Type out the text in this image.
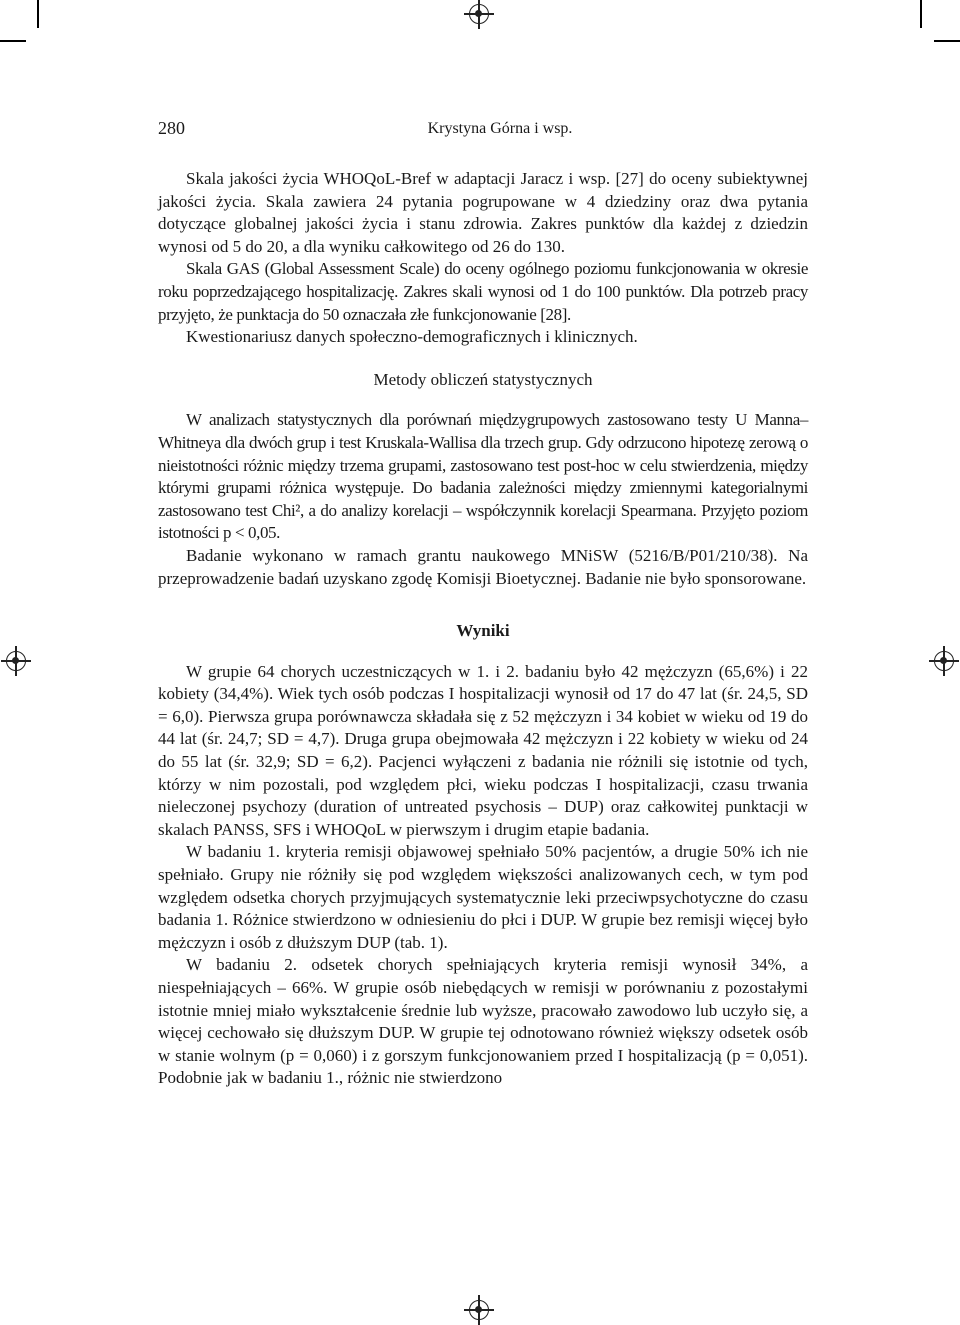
280	Krystyna Górna i wsp.

Skala jakości życia WHOQoL-Bref w adaptacji Jaracz i wsp. [27] do oceny subiektywnej jakości życia. Skala zawiera 24 pytania pogrupowane w 4 dziedziny oraz dwa pytania dotyczące globalnej jakości życia i stanu zdrowia. Zakres punktów dla każdej z dziedzin wynosi od 5 do 20, a dla wyniku całkowitego od 26 do 130.

Skala GAS (Global Assessment Scale) do oceny ogólnego poziomu funkcjonowania w okresie roku poprzedzającego hospitalizację. Zakres skali wynosi od 1 do 100 punktów. Dla potrzeb pracy przyjęto, że punktacja do 50 oznaczała złe funkcjonowanie [28].

Kwestionariusz danych społeczno-demograficznych i klinicznych.

Metody obliczeń statystycznych

W analizach statystycznych dla porównań międzygrupowych zastosowano testy U Manna–Whitneya dla dwóch grup i test Kruskala-Wallisa dla trzech grup. Gdy odrzucono hipotezę zerową o nieistotności różnic między trzema grupami, zastosowano test post-hoc w celu stwierdzenia, między którymi grupami różnica występuje. Do badania zależności między zmiennymi kategorialnymi zastosowano test Chi², a do analizy korelacji – współczynnik korelacji Spearmana. Przyjęto poziom istotności p < 0,05.

Badanie wykonano w ramach grantu naukowego MNiSW (5216/B/P01/210/38). Na przeprowadzenie badań uzyskano zgodę Komisji Bioetycznej. Badanie nie było sponsorowane.

Wyniki

W grupie 64 chorych uczestniczących w 1. i 2. badaniu było 42 mężczyzn (65,6%) i 22 kobiety (34,4%). Wiek tych osób podczas I hospitalizacji wynosił od 17 do 47 lat (śr. 24,5, SD = 6,0). Pierwsza grupa porównawcza składała się z 52 mężczyzn i 34 kobiet w wieku od 19 do 44 lat (śr. 24,7; SD = 4,7). Druga grupa obejmowała 42 mężczyzn i 22 kobiety w wieku od 24 do 55 lat (śr. 32,9; SD = 6,2). Pacjenci wyłączeni z badania nie różnili się istotnie od tych, którzy w nim pozostali, pod względem płci, wieku podczas I hospitalizacji, czasu trwania nieleczonej psychozy (duration of untreated psychosis – DUP) oraz całkowitej punktacji w skalach PANSS, SFS i WHOQoL w pierwszym i drugim etapie badania.

W badaniu 1. kryteria remisji objawowej spełniało 50% pacjentów, a drugie 50% ich nie spełniało. Grupy nie różniły się pod względem większości analizowanych cech, w tym pod względem odsetka chorych przyjmujących systematycznie leki przeciwpsychotyczne do czasu badania 1. Różnice stwierdzono w odniesieniu do płci i DUP. W grupie bez remisji więcej było mężczyzn i osób z dłuższym DUP (tab. 1).

W badaniu 2. odsetek chorych spełniających kryteria remisji wynosił 34%, a niespełniających – 66%. W grupie osób niebędących w remisji w porównaniu z pozostałymi istotnie mniej miało wykształcenie średnie lub wyższe, pracowało zawodowo lub uczyło się, a więcej cechowało się dłuższym DUP. W grupie tej odnotowano również większy odsetek osób w stanie wolnym (p = 0,060) i z gorszym funkcjonowaniem przed I hospitalizacją (p = 0,051). Podobnie jak w badaniu 1., różnic nie stwierdzono
